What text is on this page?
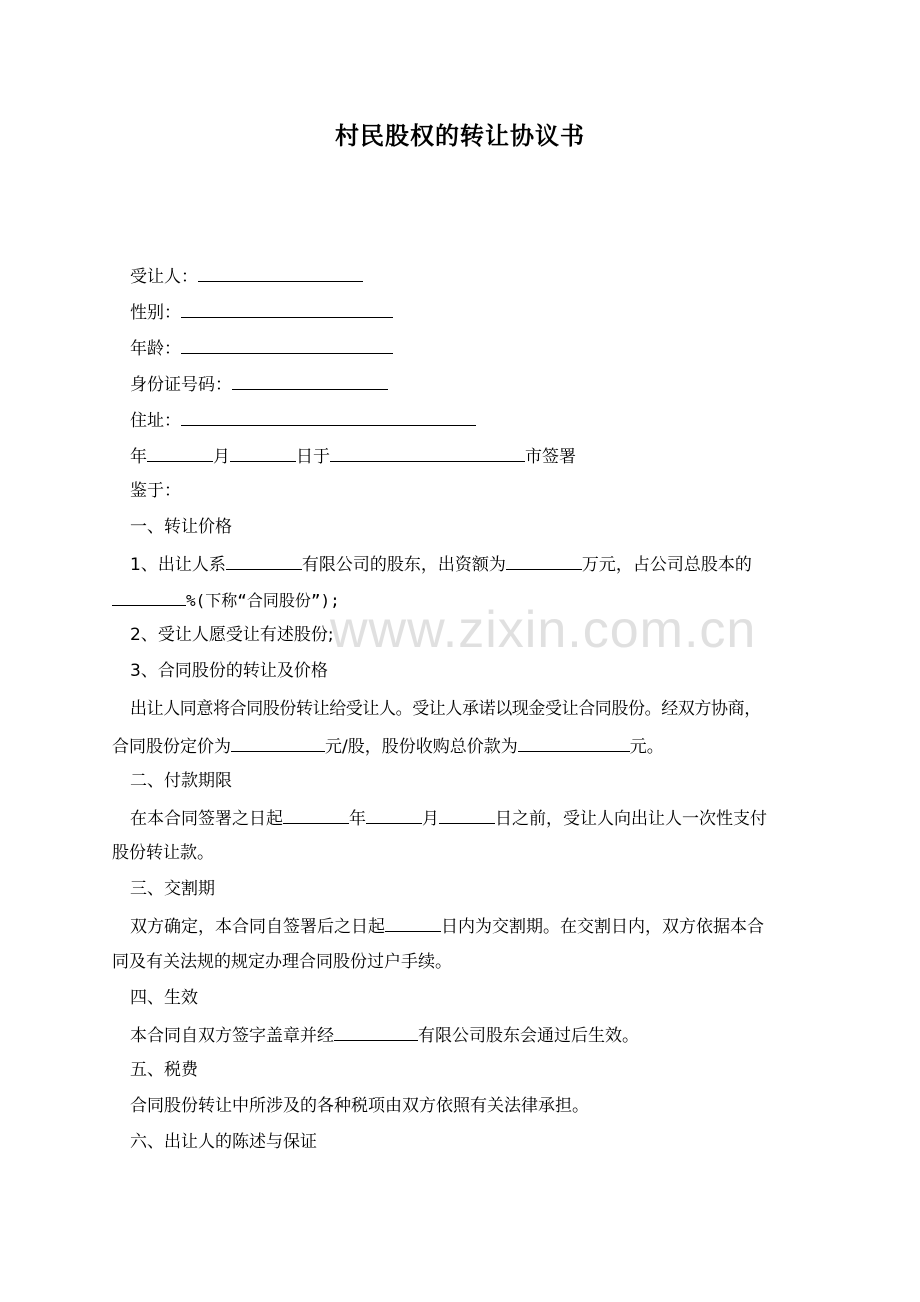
村民股权的转让协议书
受让人：
性别：
年龄：
身份证号码：
住址：
年	月	日于	市签署
鉴于：
一、转让价格
1、出让人系	有限公司的股东，出资额为	万元，占公司总股本的
%(下称“合同股份”);
2、受让人愿受让有述股份;
3、合同股份的转让及价格
出让人同意将合同股份转让给受让人。受让人承诺以现金受让合同股份。经双方协商，
合同股份定价为	元/股，股份收购总价款为	元。
二、付款期限
在本合同签署之日起	年	月	日之前，受让人向出让人一次性支付
股份转让款。
三、交割期
双方确定，本合同自签署后之日起	日内为交割期。在交割日内，双方依据本合
同及有关法规的规定办理合同股份过户手续。
四、生效
本合同自双方签字盖章并经	有限公司股东会通过后生效。
五、税费
合同股份转让中所涉及的各种税项由双方依照有关法律承担。
六、出让人的陈述与保证
www.zixin.com.cn
